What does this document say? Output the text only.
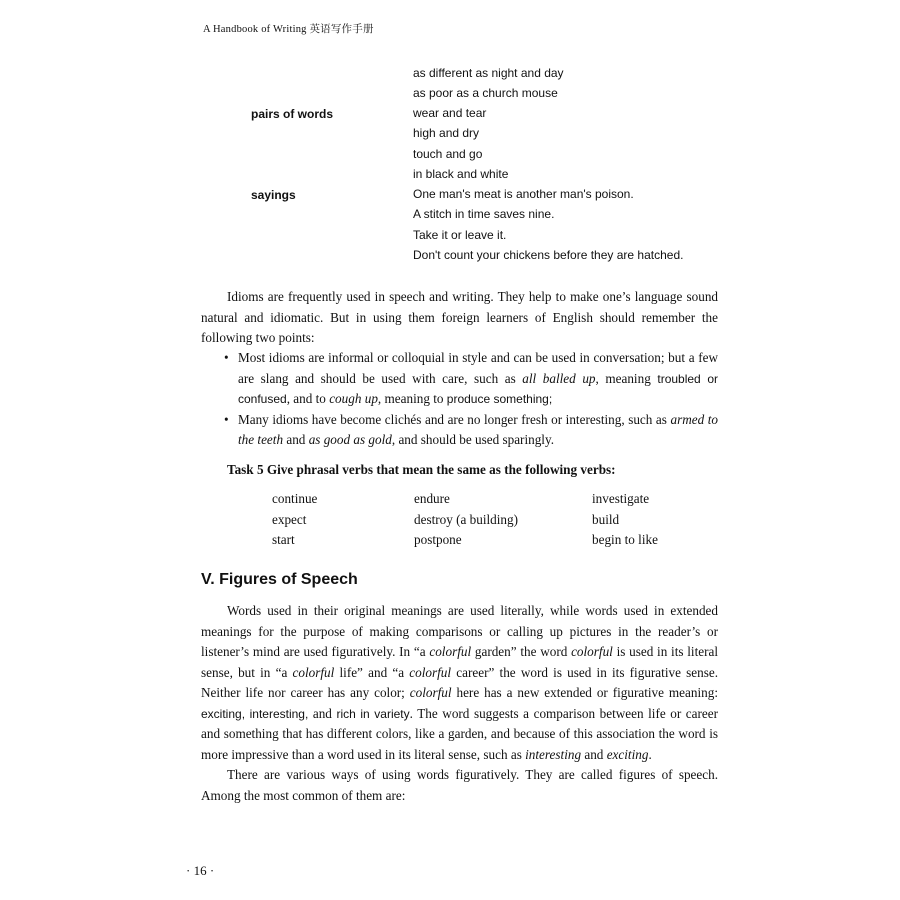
A Handbook of Writing 英语写作手册
as different as night and day
as poor as a church mouse
pairs of words	wear and tear
high and dry
touch and go
in black and white
sayings	One man's meat is another man's poison.
A stitch in time saves nine.
Take it or leave it.
Don't count your chickens before they are hatched.
Idioms are frequently used in speech and writing. They help to make one’s language sound natural and idiomatic. But in using them foreign learners of English should remember the following two points:
• Most idioms are informal or colloquial in style and can be used in conversation; but a few are slang and should be used with care, such as all balled up, meaning troubled or confused, and to cough up, meaning to produce something;
• Many idioms have become clichés and are no longer fresh or interesting, such as armed to the teeth and as good as gold, and should be used sparingly.
Task 5 Give phrasal verbs that mean the same as the following verbs:
continue	endure	investigate
expect	destroy (a building)	build
start	postpone	begin to like
V. Figures of Speech
Words used in their original meanings are used literally, while words used in extended meanings for the purpose of making comparisons or calling up pictures in the reader’s or listener’s mind are used figuratively. In “a colorful garden” the word colorful is used in its literal sense, but in “a colorful life” and “a colorful career” the word is used in its figurative sense. Neither life nor career has any color; colorful here has a new extended or figurative meaning: exciting, interesting, and rich in variety. The word suggests a comparison between life or career and something that has different colors, like a garden, and because of this association the word is more impressive than a word used in its literal sense, such as interesting and exciting.
There are various ways of using words figuratively. They are called figures of speech. Among the most common of them are:
· 16 ·
